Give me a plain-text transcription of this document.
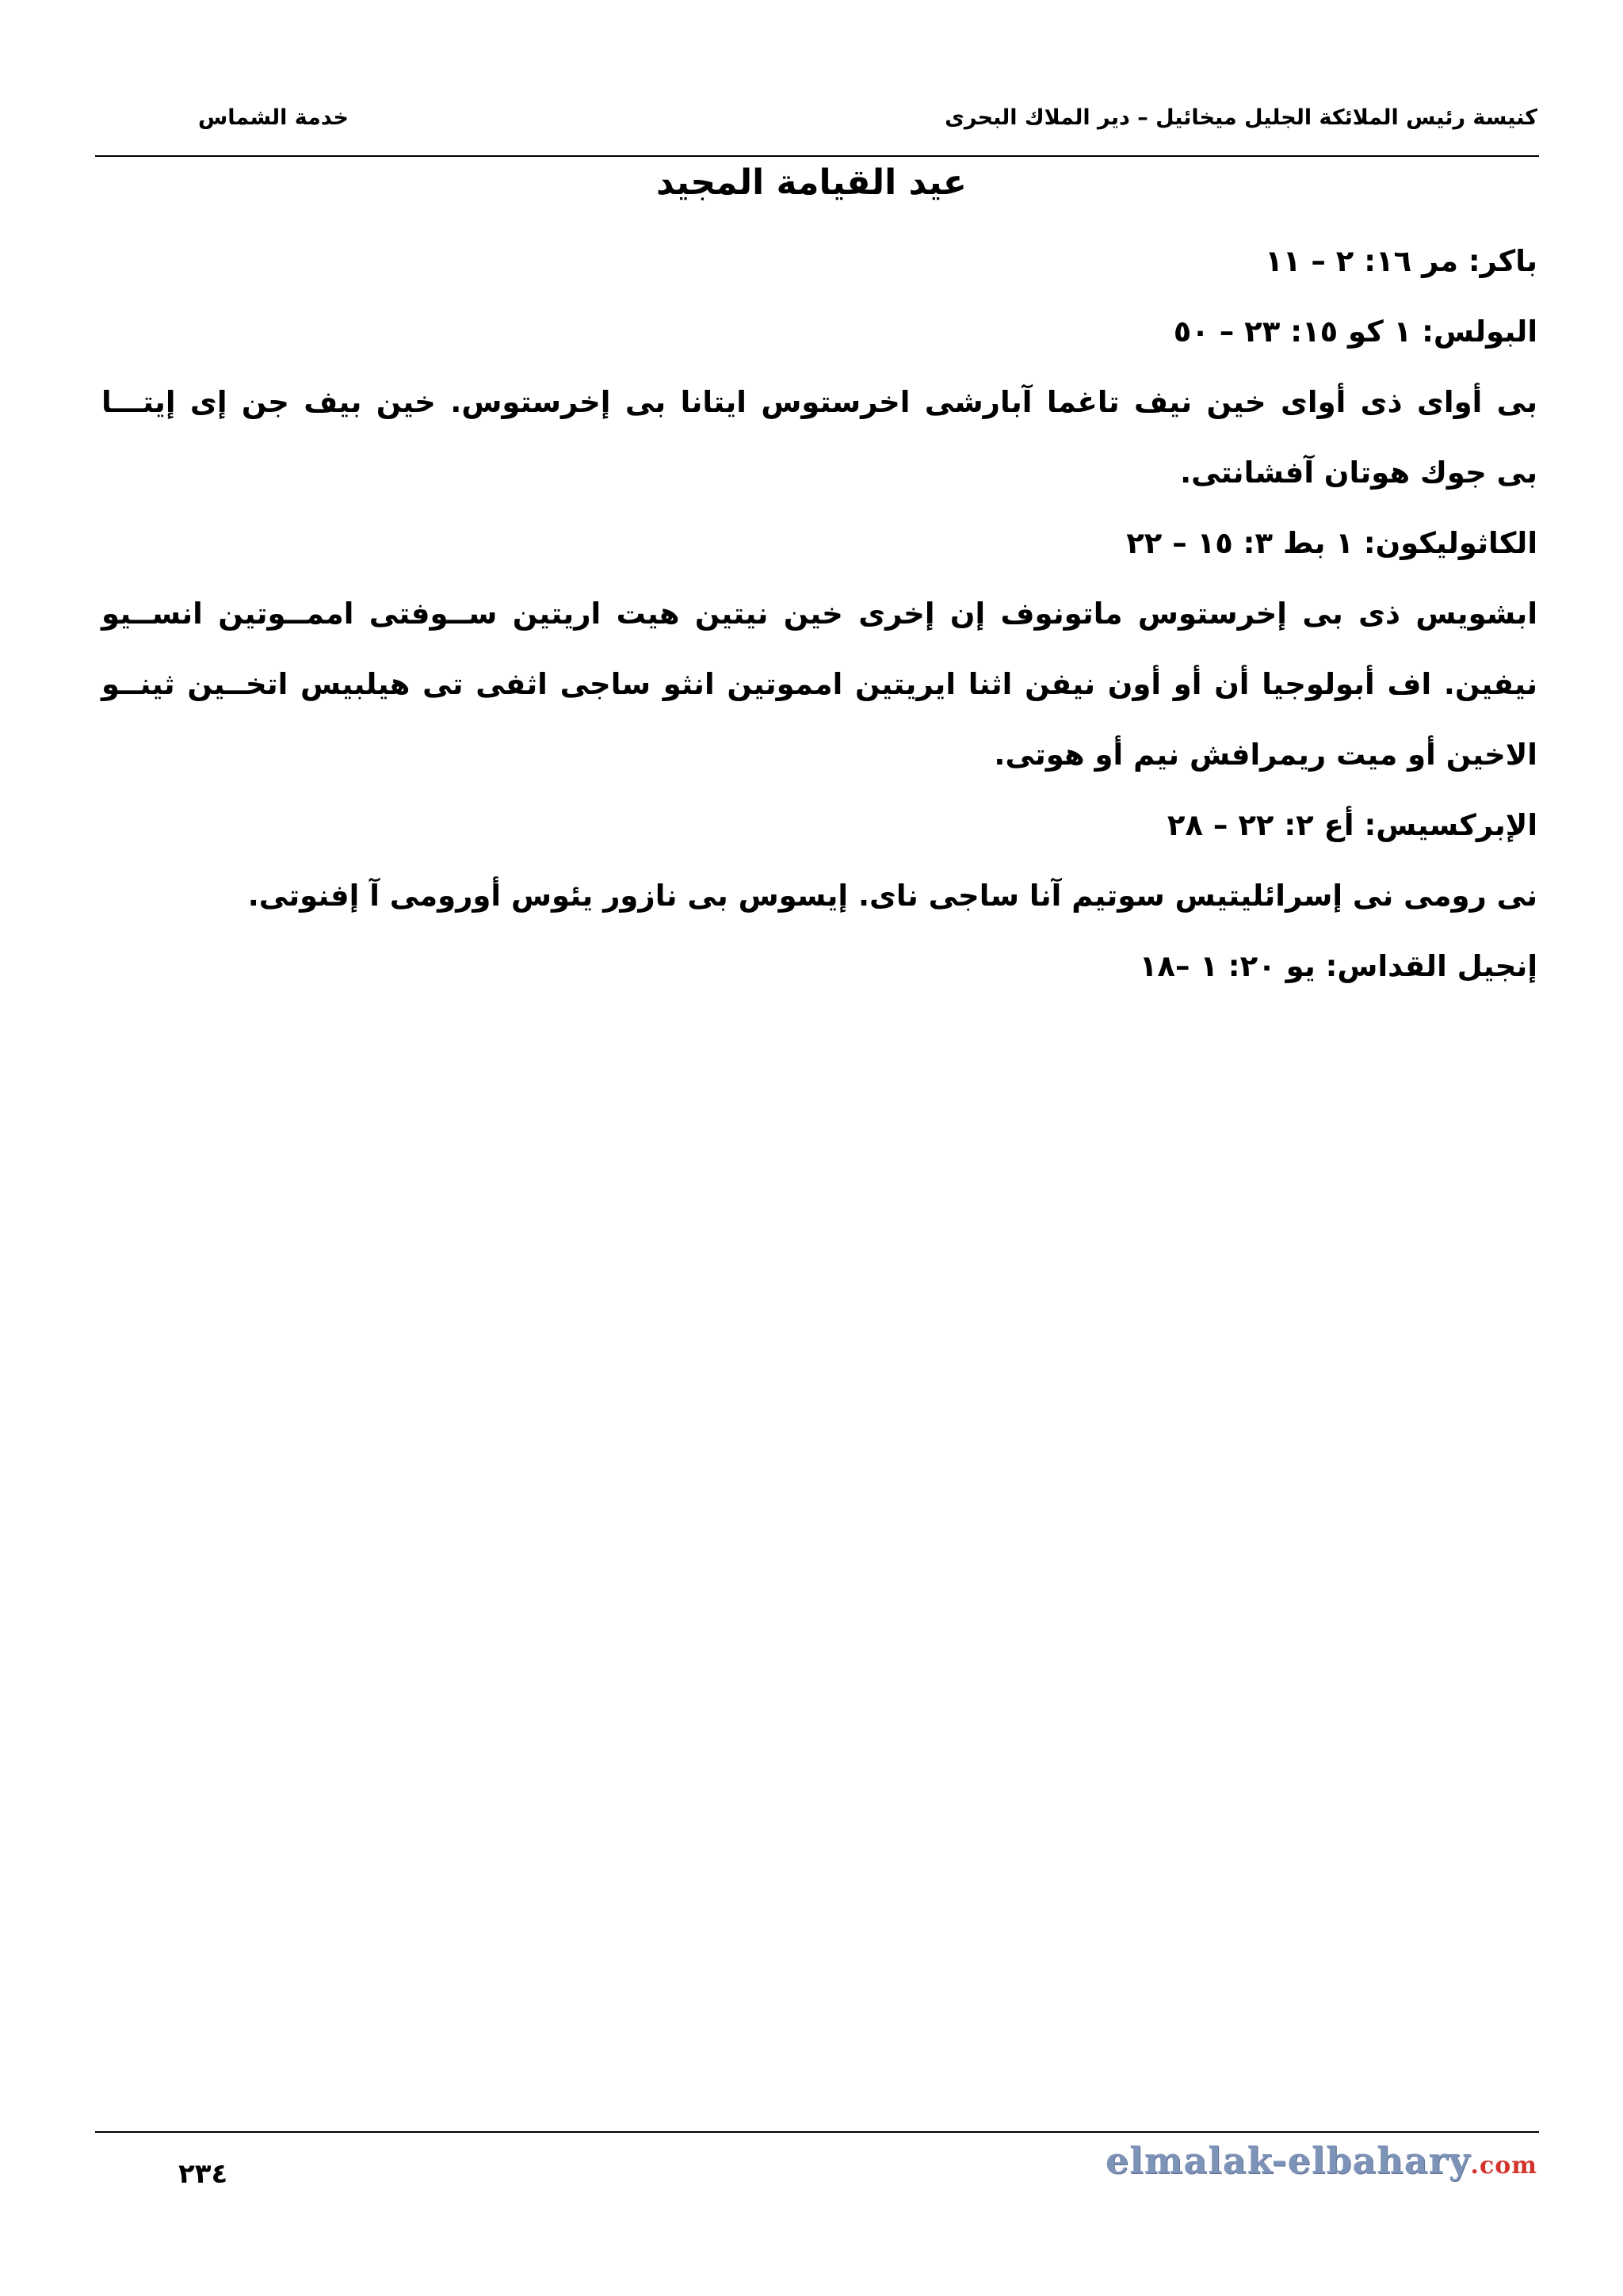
كنيسة رئيس الملائكة الجليل ميخائيل – دير الملاك البحرى
خدمة الشماس
عيد القيامة المجيد
باكر: مر ١٦: ٢ – ١١
البولس: ١ كو ١٥: ٢٣ – ٥٠
بى أواى ذى أواى خين نيف تاغما آبارشى اخرستوس ايتانا بى إخرستوس. خين بيف جن إى إيتـــا
بى جوك هوتان آفشانتى.
الكاثوليكون: ١ بط ٣: ١٥ – ٢٢
ابشويس ذى بى إخرستوس ماتونوف إن إخرى خين نيتين هيت اريتين ســوفتى اممــوتين انســيو
نيفين. اف أبولوجيا أن أو أون نيفن اثنا ايريتين امموتين انثو ساجى اثفى تى هيلبيس اتخــين ثينــو
الاخين أو ميت ريمرافش نيم أو هوتى.
الإبركسيس: أع ٢: ٢٢ – ٢٨
نى رومى نى إسرائليتيس سوتيم آنا ساجى ناى. إيسوس بى نازور يئوس أورومى آ إفنوتى.
إنجيل القداس: يو ٢٠: ١ –١٨
٢٣٤	elmalak-elbahary.com
